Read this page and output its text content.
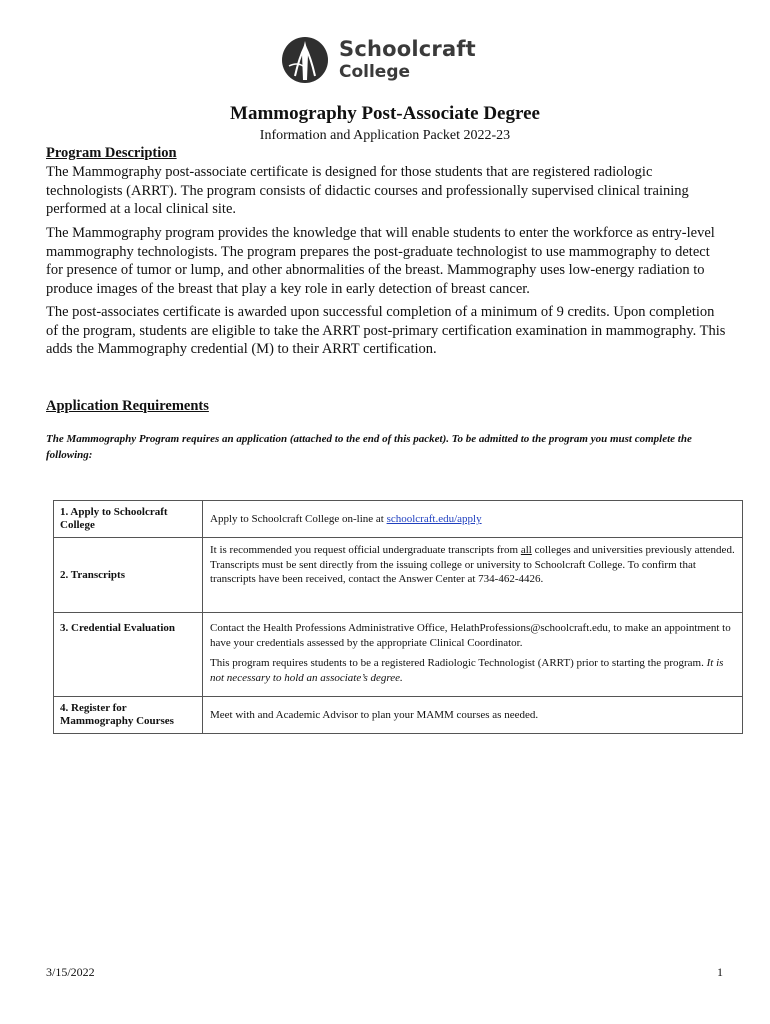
Schoolcraft
College
Mammography Post-Associate Degree
Information and Application Packet 2022-23
Program Description
The Mammography post-associate certificate is designed for those students that are registered radiologic technologists (ARRT). The program consists of didactic courses and professionally supervised clinical training performed at a local clinical site.
The Mammography program provides the knowledge that will enable students to enter the workforce as entry-level mammography technologists. The program prepares the post-graduate technologist to use mammography to detect for presence of tumor or lump, and other abnormalities of the breast. Mammography uses low-energy radiation to produce images of the breast that play a key role in early detection of breast cancer.
The post-associates certificate is awarded upon successful completion of a minimum of 9 credits. Upon completion of the program, students are eligible to take the ARRT post-primary certification examination in mammography. This adds the Mammography credential (M) to their ARRT certification.
Application Requirements
The Mammography Program requires an application (attached to the end of this packet). To be admitted to the program you must complete the following:
1. Apply to Schoolcraft College	Apply to Schoolcraft College on-line at schoolcraft.edu/apply
2. Transcripts	It is recommended you request official undergraduate transcripts from all colleges and universities previously attended. Transcripts must be sent directly from the issuing college or university to Schoolcraft College. To confirm that transcripts have been received, contact the Answer Center at 734-462-4426.
3. Credential Evaluation	Contact the Health Professions Administrative Office, HelathProfessions@schoolcraft.edu, to make an appointment to have your credentials assessed by the appropriate Clinical Coordinator.
This program requires students to be a registered Radiologic Technologist (ARRT) prior to starting the program. It is not necessary to hold an associate’s degree.

4. Register for Mammography Courses	Meet with and Academic Advisor to plan your MAMM courses as needed.
3/15/2022	1
